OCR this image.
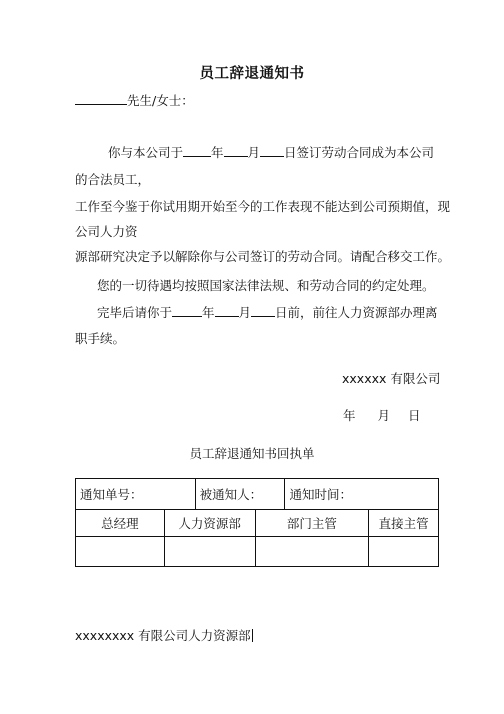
员工辞退通知书
先生/女士：
你与本公司于 年 月 日签订劳动合同成为本公司
的合法员工，
工作至今鉴于你试用期开始至今的工作表现不能达到公司预期值，现
公司人力资
源部研究决定予以解除你与公司签订的劳动合同。请配合移交工作。
您的一切待遇均按照国家法律法规、和劳动合同的约定处理。
完毕后请你于 年 月 日前，前往人力资源部办理离
职手续。
xxxxxx 有限公司
年 月 日
员工辞退通知书回执单
通知单号：		被通知人：		通知时间：	
总经理	人力资源部		部门主管		直接主管

xxxxxxxx 有限公司人力资源部
